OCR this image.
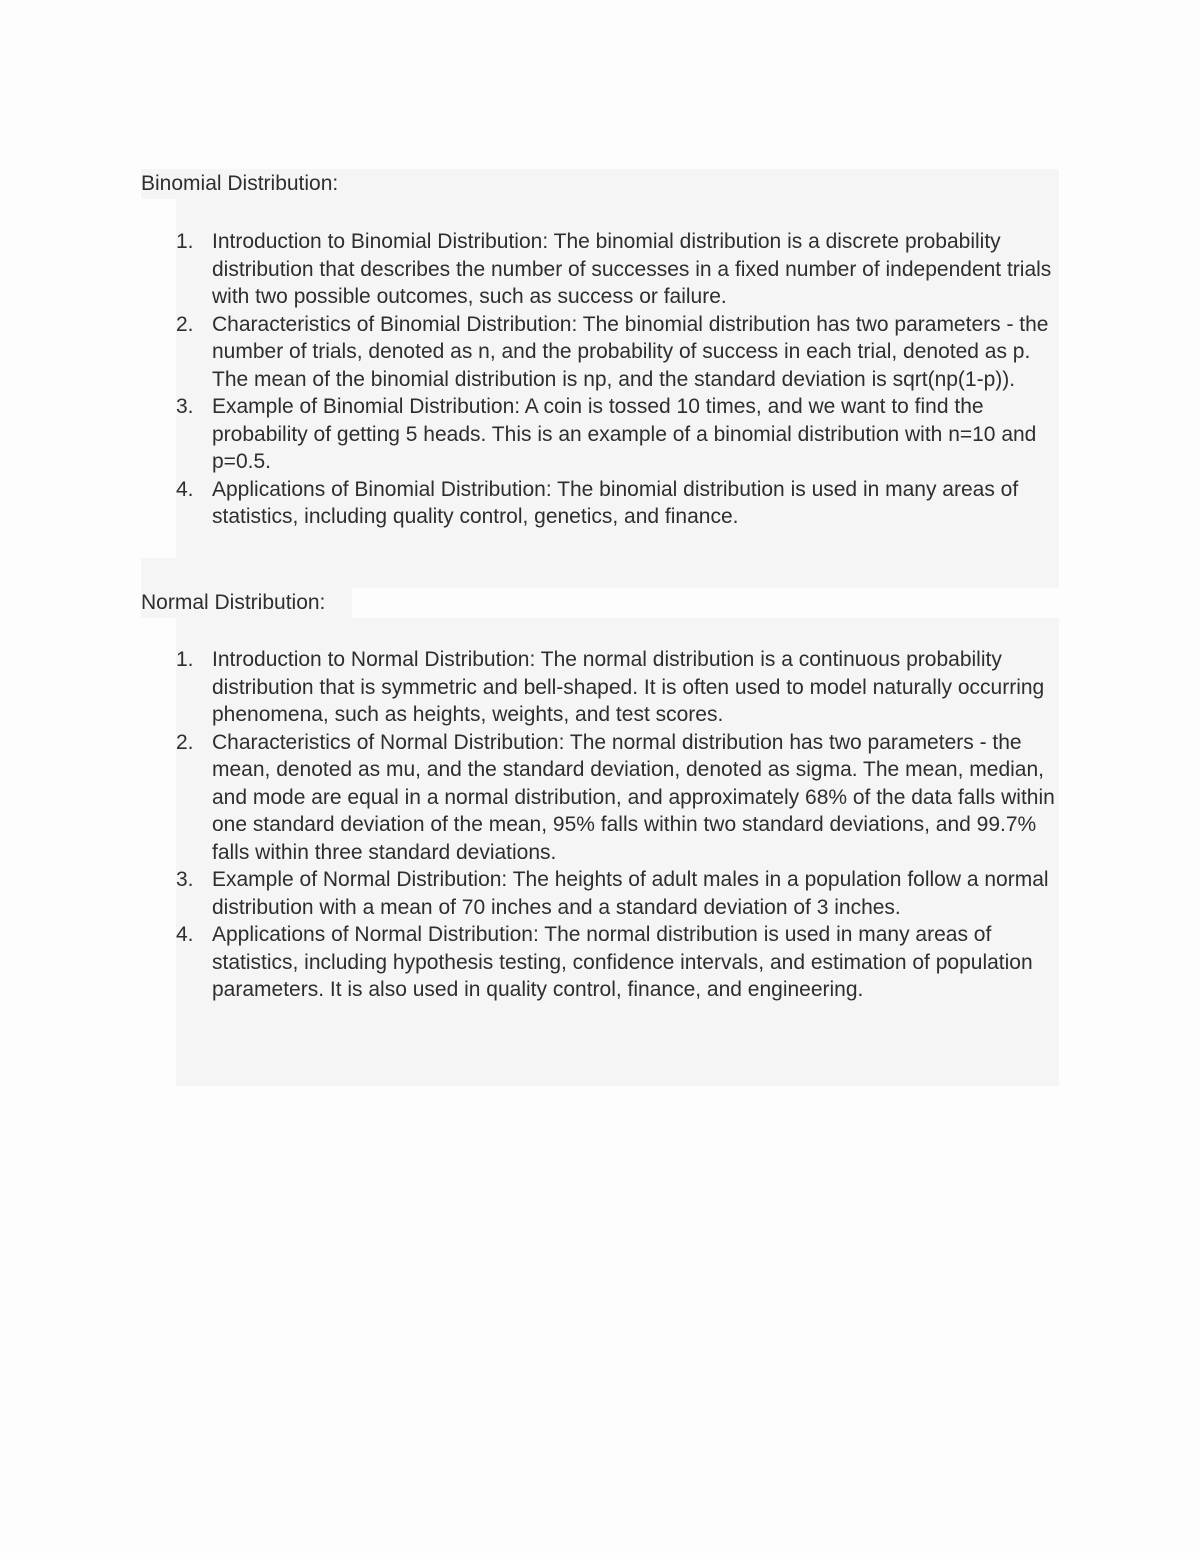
Binomial Distribution:
1. Introduction to Binomial Distribution: The binomial distribution is a discrete probability distribution that describes the number of successes in a fixed number of independent trials with two possible outcomes, such as success or failure.
2. Characteristics of Binomial Distribution: The binomial distribution has two parameters - the number of trials, denoted as n, and the probability of success in each trial, denoted as p. The mean of the binomial distribution is np, and the standard deviation is sqrt(np(1-p)).
3. Example of Binomial Distribution: A coin is tossed 10 times, and we want to find the probability of getting 5 heads. This is an example of a binomial distribution with n=10 and p=0.5.
4. Applications of Binomial Distribution: The binomial distribution is used in many areas of statistics, including quality control, genetics, and finance.
Normal Distribution:
1. Introduction to Normal Distribution: The normal distribution is a continuous probability distribution that is symmetric and bell-shaped. It is often used to model naturally occurring phenomena, such as heights, weights, and test scores.
2. Characteristics of Normal Distribution: The normal distribution has two parameters - the mean, denoted as mu, and the standard deviation, denoted as sigma. The mean, median, and mode are equal in a normal distribution, and approximately 68% of the data falls within one standard deviation of the mean, 95% falls within two standard deviations, and 99.7% falls within three standard deviations.
3. Example of Normal Distribution: The heights of adult males in a population follow a normal distribution with a mean of 70 inches and a standard deviation of 3 inches.
4. Applications of Normal Distribution: The normal distribution is used in many areas of statistics, including hypothesis testing, confidence intervals, and estimation of population parameters. It is also used in quality control, finance, and engineering.
